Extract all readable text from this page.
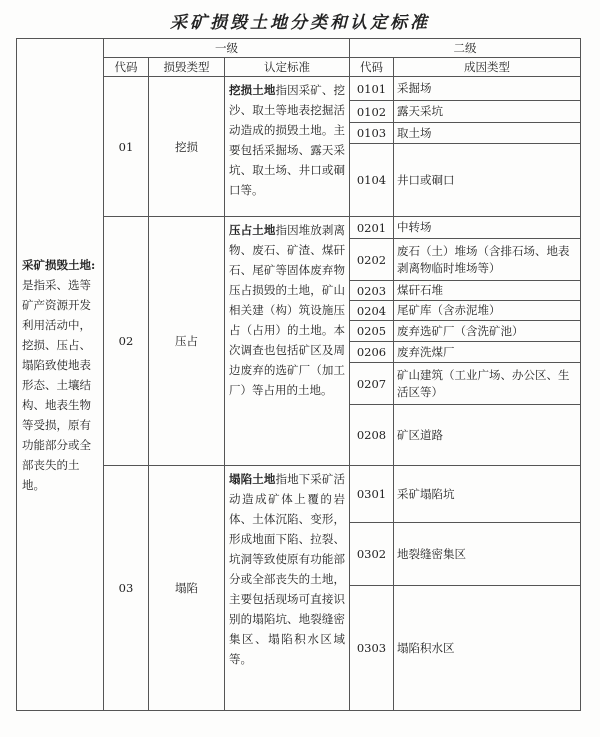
采矿损毁土地分类和认定标准
采矿损毁土地:是指采、选等矿产资源开发利用活动中，挖损、压占、塌陷致使地表形态、土壤结构、地表生物等受损，原有功能部分或全部丧失的土地。	一级			二级	
	代码	损毁类型	认定标准	代码	成因类型
	01	挖损	挖损土地指因采矿、挖沙、取土等地表挖掘活动造成的损毁土地。主要包括采掘场、露天采坑、取土场、井口或硐口等。	0101	采掘场
				0102	露天采坑
				0103	取土场
				0104	井口或硐口
	02	压占	压占土地指因堆放剥离物、废石、矿渣、煤矸石、尾矿等固体废弃物压占损毁的土地，矿山相关建（构）筑设施压占（占用）的土地。本次调查也包括矿区及周边废弃的选矿厂（加工厂）等占用的土地。	0201	中转场
				0202	废石（土）堆场（含排石场、地表剥离物临时堆场等）
				0203	煤矸石堆
				0204	尾矿库（含赤泥堆）
				0205	废弃选矿厂（含洗矿池）
				0206	废弃洗煤厂
				0207	矿山建筑（工业广场、办公区、生活区等）
				0208	矿区道路
	03	塌陷	塌陷土地指地下采矿活动造成矿体上覆的岩体、土体沉陷、变形，形成地面下陷、拉裂、坑洞等致使原有功能部分或全部丧失的土地，主要包括现场可直接识别的塌陷坑、地裂缝密集区、塌陷积水区域等。	0301	采矿塌陷坑
				0302	地裂缝密集区
				0303	塌陷积水区
